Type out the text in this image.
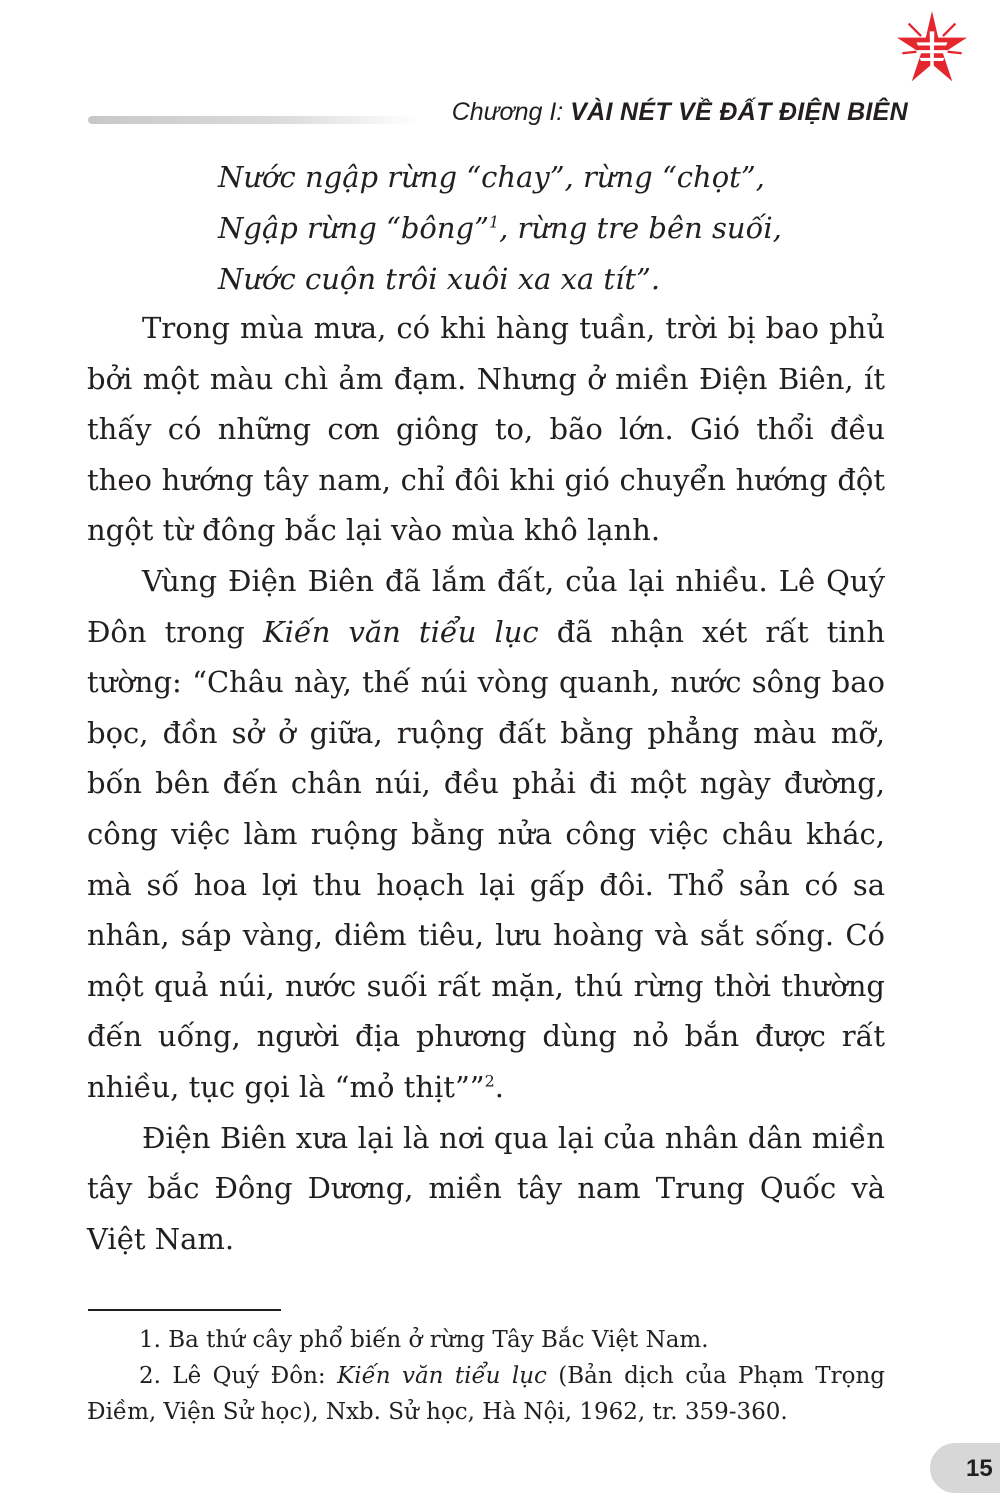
Chương I: VÀI NÉT VỀ ĐẤT ĐIỆN BIÊN
Nước ngập rừng “chay”, rừng “chọt”,
Ngập rừng “bông”$^1$, rừng tre bên suối,
Nước cuộn trôi xuôi xa xa tít”.

Trong mùa mưa, có khi hàng tuần, trời bị bao phủ bởi một màu chì ảm đạm. Nhưng ở miền Điện Biên, ít thấy có những cơn giông to, bão lớn. Gió thổi đều theo hướng tây nam, chỉ đôi khi gió chuyển hướng đột ngột từ đông bắc lại vào mùa khô lạnh.

Vùng Điện Biên đã lắm đất, của lại nhiều. Lê Quý Đôn trong Kiến văn tiểu lục đã nhận xét rất tinh tường: “Châu này, thế núi vòng quanh, nước sông bao bọc, đồn sở ở giữa, ruộng đất bằng phẳng màu mỡ, bốn bên đến chân núi, đều phải đi một ngày đường, công việc làm ruộng bằng nửa công việc châu khác, mà số hoa lợi thu hoạch lại gấp đôi. Thổ sản có sa nhân, sáp vàng, diêm tiêu, lưu hoàng và sắt sống. Có một quả núi, nước suối rất mặn, thú rừng thời thường đến uống, người địa phương dùng nỏ bắn được rất nhiều, tục gọi là “mỏ thịt””$^2$.

Điện Biên xưa lại là nơi qua lại của nhân dân miền tây bắc Đông Dương, miền tây nam Trung Quốc và Việt Nam.

1. Ba thứ cây phổ biến ở rừng Tây Bắc Việt Nam.

2. Lê Quý Đôn: Kiến văn tiểu lục (Bản dịch của Phạm Trọng Điềm, Viện Sử học), Nxb. Sử học, Hà Nội, 1962, tr. 359-360.

15
